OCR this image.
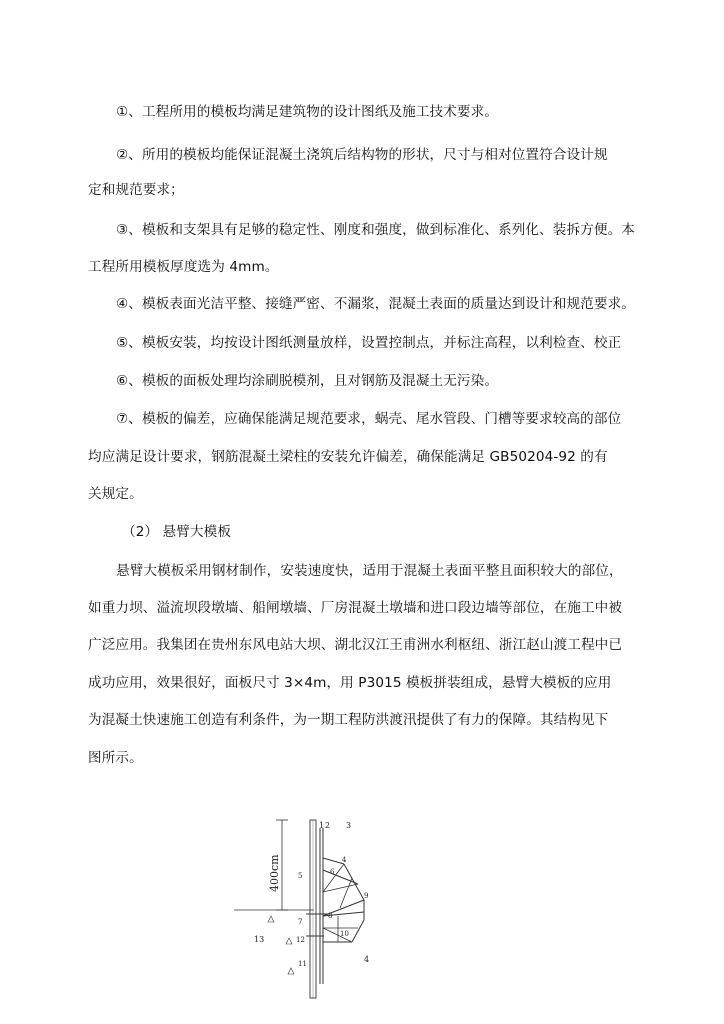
①、工程所用的模板均满足建筑物的设计图纸及施工技术要求。
②、所用的模板均能保证混凝土浇筑后结构物的形状，尺寸与相对位置符合设计规
定和规范要求；
③、模板和支架具有足够的稳定性、刚度和强度，做到标准化、系列化、装拆方便。本
工程所用模板厚度选为 4mm。
④、模板表面光洁平整、接缝严密、不漏浆，混凝土表面的质量达到设计和规范要求。
⑤、模板安装，均按设计图纸测量放样，设置控制点，并标注高程，以利检查、校正
⑥、模板的面板处理均涂刷脱模剂，且对钢筋及混凝土无污染。
⑦、模板的偏差，应确保能满足规范要求，蜗壳、尾水管段、门槽等要求较高的部位
均应满足设计要求，钢筋混凝土梁柱的安装允许偏差，确保能满足 GB50204-92 的有
关规定。
（2） 悬臂大模板
悬臂大模板采用钢材制作，安装速度快，适用于混凝土表面平整且面积较大的部位，
如重力坝、溢流坝段墩墙、船闸墩墙、厂房混凝土墩墙和进口段边墙等部位，在施工中被
广泛应用。我集团在贵州东风电站大坝、湖北汉江王甫洲水利枢纽、浙江赵山渡工程中已
成功应用，效果很好，面板尺寸 3×4m，用 P3015 模板拼装组成，悬臂大模板的应用
为混凝土快速施工创造有利条件，为一期工程防洪渡汛提供了有力的保障。其结构见下
图所示。
400cm
1 2 3
4
5	6
7
8
9
10
11
12
13
4
